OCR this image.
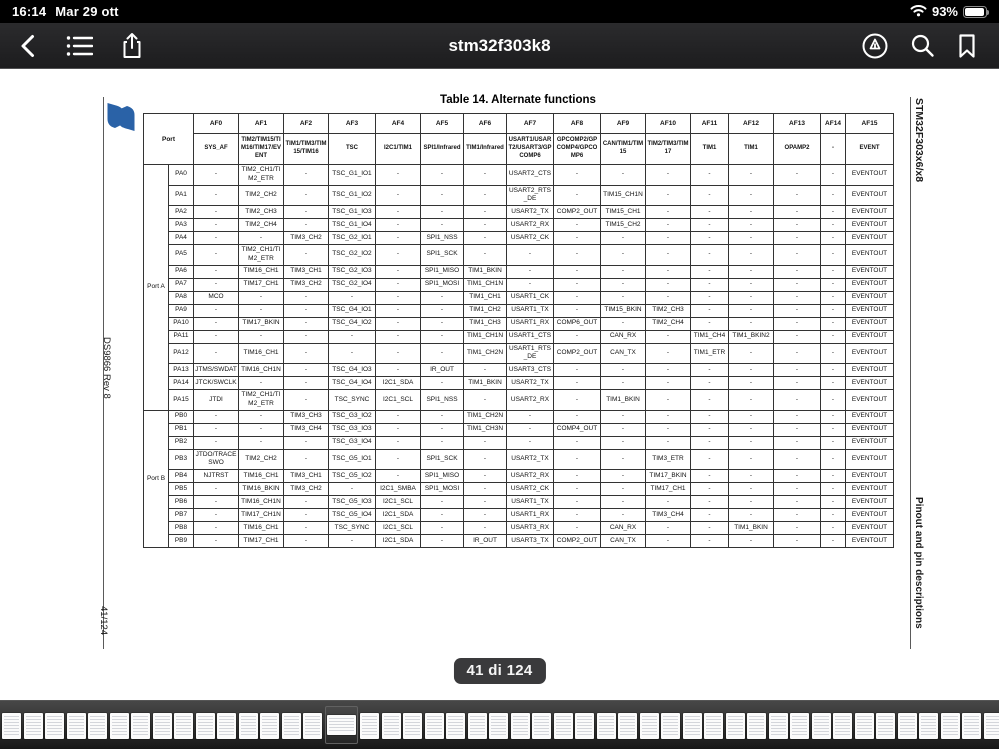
16:14 Mar 29 ott	93%
stm32f303k8
Table 14. Alternate functions
DS9866 Rev 8
41/124
STM32F303x6/x8
Pinout and pin descriptions
Port		AF0	AF1	AF2	AF3	AF4	AF5	AF6	AF7	AF8	AF9	AF10	AF11	AF12	AF13	AF14	AF15
		SYS_AF	TIM2/TIM15/TIM16/TIM17/EVENT	TIM1/TIM3/TIM15/TIM16	TSC	I2C1/TIM1	SPI1/Infrared	TIM1/Infrared	USART1/USART2/USART3/GPCOMP6	GPCOMP2/GPCOMP4/GPCOMP6	CAN/TIM1/TIM15	TIM2/TIM3/TIM17	TIM1	TIM1	OPAMP2	-	EVENT
Port A	PA0	-	TIM2_CH1/TIM2_ETR	-	TSC_G1_IO1	-	-	-	USART2_CTS	-	-	-	-	-	-	-	EVENTOUT
	PA1	-	TIM2_CH2	-	TSC_G1_IO2	-	-	-	USART2_RTS_DE	-	TIM15_CH1N	-	-	-	-	-	EVENTOUT
	PA2	-	TIM2_CH3	-	TSC_G1_IO3	-	-	-	USART2_TX	COMP2_OUT	TIM15_CH1	-	-	-	-	-	EVENTOUT
	PA3	-	TIM2_CH4	-	TSC_G1_IO4	-	-	-	USART2_RX	-	TIM15_CH2	-	-	-	-	-	EVENTOUT
	PA4	-	-	TIM3_CH2	TSC_G2_IO1	-	SPI1_NSS	-	USART2_CK	-	-	-	-	-	-	-	EVENTOUT
	PA5	-	TIM2_CH1/TIM2_ETR	-	TSC_G2_IO2	-	SPI1_SCK	-	-	-	-	-	-	-	-	-	EVENTOUT
	PA6	-	TIM16_CH1	TIM3_CH1	TSC_G2_IO3	-	SPI1_MISO	TIM1_BKIN	-	-	-	-	-	-	-	-	EVENTOUT
	PA7	-	TIM17_CH1	TIM3_CH2	TSC_G2_IO4	-	SPI1_MOSI	TIM1_CH1N	-	-	-	-	-	-	-	-	EVENTOUT
	PA8	MCO	-	-	-	-	-	TIM1_CH1	USART1_CK	-	-	-	-	-	-	-	EVENTOUT
	PA9	-	-	-	TSC_G4_IO1	-	-	TIM1_CH2	USART1_TX	-	TIM15_BKIN	TIM2_CH3	-	-	-	-	EVENTOUT
	PA10	-	TIM17_BKIN	-	TSC_G4_IO2	-	-	TIM1_CH3	USART1_RX	COMP6_OUT	-	TIM2_CH4	-	-	-	-	EVENTOUT
	PA11	-	-	-	-	-	-	TIM1_CH1N	USART1_CTS	-	CAN_RX	-	TIM1_CH4	TIM1_BKIN2	-	-	EVENTOUT
	PA12	-	TIM16_CH1	-	-	-	-	TIM1_CH2N	USART1_RTS_DE	COMP2_OUT	CAN_TX	-	TIM1_ETR	-	-	-	EVENTOUT
	PA13	JTMS/SWDAT	TIM16_CH1N	-	TSC_G4_IO3	-	IR_OUT	-	USART3_CTS	-	-	-	-	-	-	-	EVENTOUT
	PA14	JTCK/SWCLK	-	-	TSC_G4_IO4	I2C1_SDA	-	TIM1_BKIN	USART2_TX	-	-	-	-	-	-	-	EVENTOUT
	PA15	JTDI	TIM2_CH1/TIM2_ETR	-	TSC_SYNC	I2C1_SCL	SPI1_NSS	-	USART2_RX	-	TIM1_BKIN	-	-	-	-	-	EVENTOUT
Port B	PB0	-	-	TIM3_CH3	TSC_G3_IO2	-	-	TIM1_CH2N	-	-	-	-	-	-	-	-	EVENTOUT
	PB1	-	-	TIM3_CH4	TSC_G3_IO3	-	-	TIM1_CH3N	-	COMP4_OUT	-	-	-	-	-	-	EVENTOUT
	PB2	-	-	-	TSC_G3_IO4	-	-	-	-	-	-	-	-	-	-	-	EVENTOUT
	PB3	JTDO/TRACESWO	TIM2_CH2	-	TSC_G5_IO1	-	SPI1_SCK	-	USART2_TX	-	-	TIM3_ETR	-	-	-	-	EVENTOUT
	PB4	NJTRST	TIM16_CH1	TIM3_CH1	TSC_G5_IO2	-	SPI1_MISO	-	USART2_RX	-	-	TIM17_BKIN	-	-	-	-	EVENTOUT
	PB5	-	TIM16_BKIN	TIM3_CH2	-	I2C1_SMBA	SPI1_MOSI	-	USART2_CK	-	-	TIM17_CH1	-	-	-	-	EVENTOUT
	PB6	-	TIM16_CH1N	-	TSC_G5_IO3	I2C1_SCL	-	-	USART1_TX	-	-	-	-	-	-	-	EVENTOUT
	PB7	-	TIM17_CH1N	-	TSC_G5_IO4	I2C1_SDA	-	-	USART1_RX	-	-	TIM3_CH4	-	-	-	-	EVENTOUT
	PB8	-	TIM16_CH1	-	TSC_SYNC	I2C1_SCL	-	-	USART3_RX	-	CAN_RX	-	-	TIM1_BKIN	-	-	EVENTOUT
	PB9	-	TIM17_CH1	-	-	I2C1_SDA	-	IR_OUT	USART3_TX	COMP2_OUT	CAN_TX	-	-	-	-	-	EVENTOUT
41 di 124
